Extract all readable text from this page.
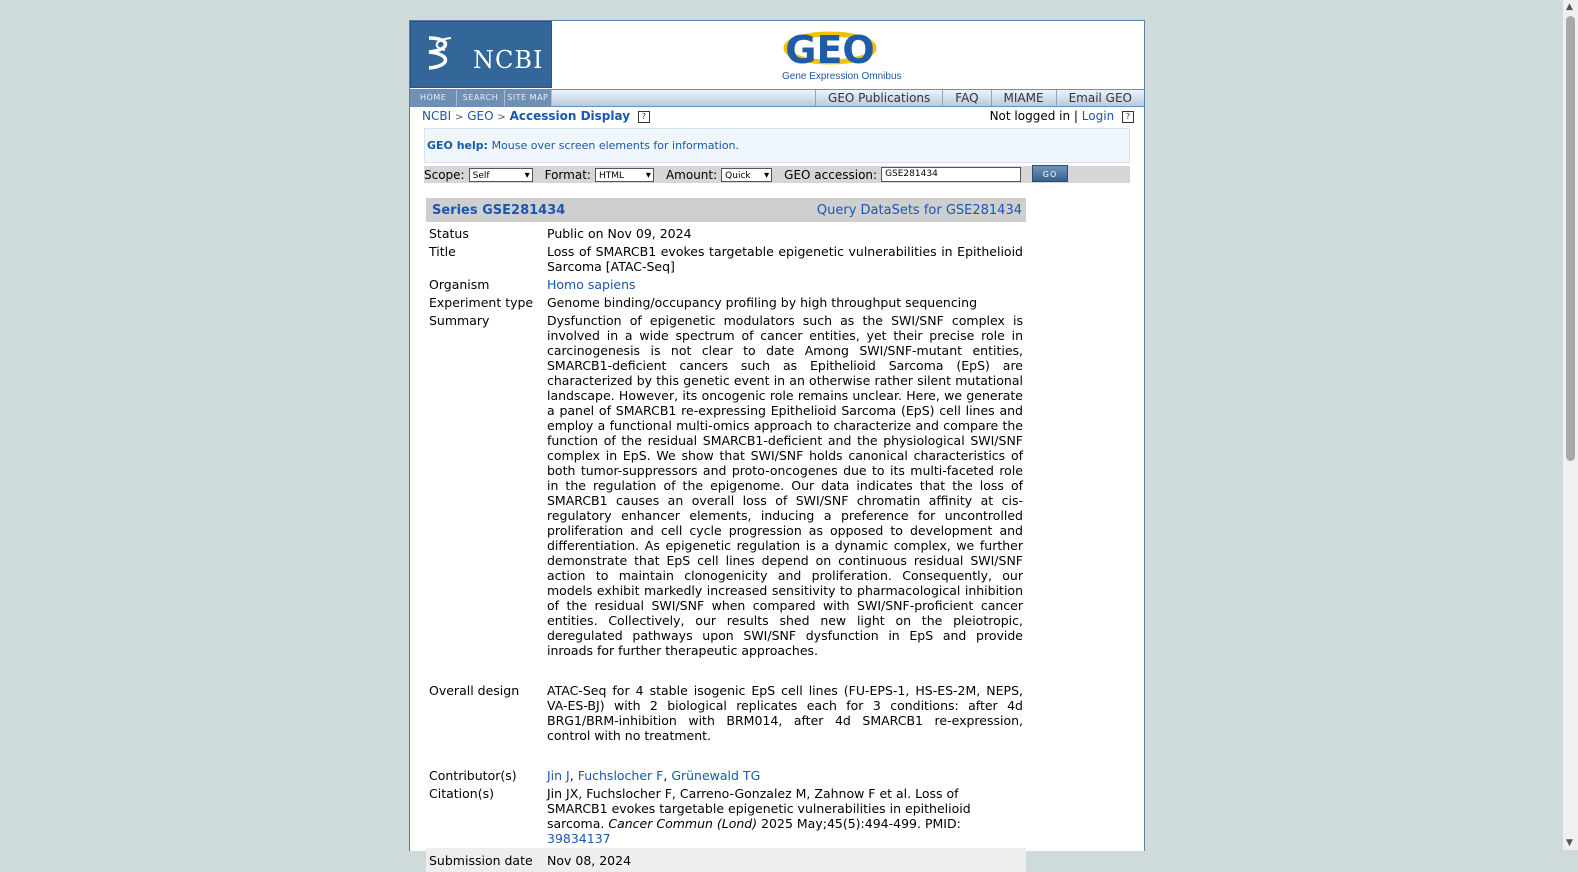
NCBI	GEO
Gene Expression Omnibus
HOME	SEARCH	SITE MAP	GEO Publications	FAQ	MIAME	Email GEO
NCBI > GEO > Accession Display ?	Not logged in | Login ?
GEO help: Mouse over screen elements for information.
Scope: Self ▾	Format: HTML ▾	Amount: Quick ▾	GEO accession: GSE281434	GO
Series GSE281434	Query DataSets for GSE281434
Status	Public on Nov 09, 2024
Title	Loss of SMARCB1 evokes targetable epigenetic vulnerabilities in Epithelioid Sarcoma [ATAC-Seq]
Organism	Homo sapiens
Experiment type	Genome binding/occupancy profiling by high throughput sequencing
Summary	Dysfunction of epigenetic modulators such as the SWI/SNF complex is involved in a wide spectrum of cancer entities, yet their precise role in carcinogenesis is not clear to date Among SWI/SNF-mutant entities, SMARCB1-deficient cancers such as Epithelioid Sarcoma (EpS) are characterized by this genetic event in an otherwise rather silent mutational landscape. However, its oncogenic role remains unclear. Here, we generate a panel of SMARCB1 re-expressing Epithelioid Sarcoma (EpS) cell lines and employ a functional multi-omics approach to characterize and compare the function of the residual SMARCB1-deficient and the physiological SWI/SNF complex in EpS. We show that SWI/SNF holds canonical characteristics of both tumor-suppressors and proto-oncogenes due to its multi-faceted role in the regulation of the epigenome. Our data indicates that the loss of SMARCB1 causes an overall loss of SWI/SNF chromatin affinity at cis-regulatory enhancer elements, inducing a preference for uncontrolled proliferation and cell cycle progression as opposed to development and differentiation. As epigenetic regulation is a dynamic complex, we further demonstrate that EpS cell lines depend on continuous residual SWI/SNF action to maintain clonogenicity and proliferation. Consequently, our models exhibit markedly increased sensitivity to pharmacological inhibition of the residual SWI/SNF when compared with SWI/SNF-proficient cancer entities. Collectively, our results shed new light on the pleiotropic, deregulated pathways upon SWI/SNF dysfunction in EpS and provide inroads for further therapeutic approaches.
Overall design	ATAC-Seq for 4 stable isogenic EpS cell lines (FU-EPS-1, HS-ES-2M, NEPS, VA-ES-BJ) with 2 biological replicates each for 3 conditions: after 4d BRG1/BRM-inhibition with BRM014, after 4d SMARCB1 re-expression, control with no treatment.
Contributor(s)	Jin J, Fuchslocher F, Grünewald TG
Citation(s)	Jin JX, Fuchslocher F, Carreno-Gonzalez M, Zahnow F et al. Loss of SMARCB1 evokes targetable epigenetic vulnerabilities in epithelioid sarcoma. Cancer Commun (Lond) 2025 May;45(5):494-499. PMID: 39834137
Submission date	Nov 08, 2024
▲
▼
